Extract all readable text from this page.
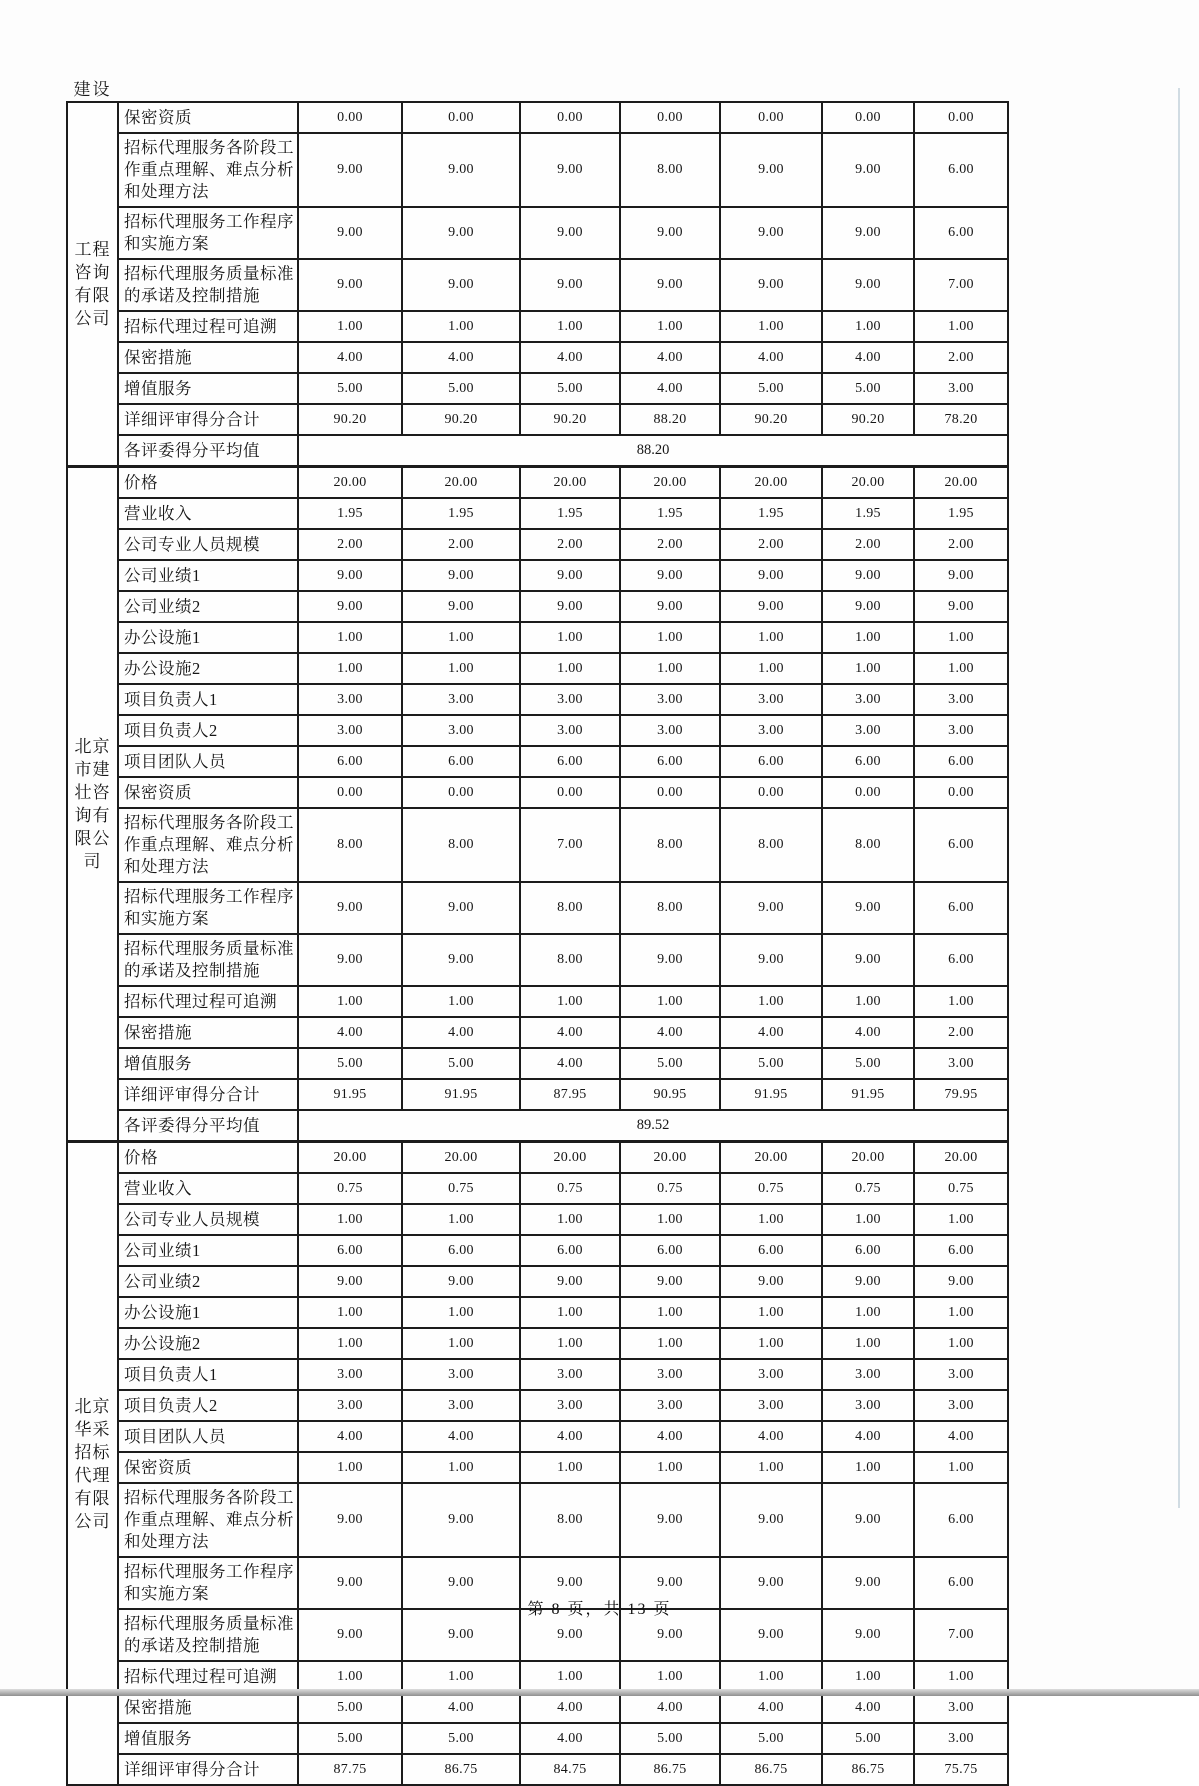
工程咨询有限公司
建设	保密资质	0.00	0.00	0.00	0.00	0.00	0.00	0.00
	招标代理服务各阶段工作重点理解、难点分析和处理方法	9.00	9.00	9.00	8.00	9.00	9.00	6.00
	招标代理服务工作程序和实施方案	9.00	9.00	9.00	9.00	9.00	9.00	6.00
	招标代理服务质量标准的承诺及控制措施	9.00	9.00	9.00	9.00	9.00	9.00	7.00
	招标代理过程可追溯	1.00	1.00	1.00	1.00	1.00	1.00	1.00
	保密措施	4.00	4.00	4.00	4.00	4.00	4.00	2.00
	增值服务	5.00	5.00	5.00	4.00	5.00	5.00	3.00
	详细评审得分合计	90.20	90.20	90.20	88.20	90.20	90.20	78.20
	各评委得分平均值	88.20						
北京市建壮咨询有限公司	价格	20.00	20.00	20.00	20.00	20.00	20.00	20.00
	营业收入	1.95	1.95	1.95	1.95	1.95	1.95	1.95
	公司专业人员规模	2.00	2.00	2.00	2.00	2.00	2.00	2.00
	公司业绩1	9.00	9.00	9.00	9.00	9.00	9.00	9.00
	公司业绩2	9.00	9.00	9.00	9.00	9.00	9.00	9.00
	办公设施1	1.00	1.00	1.00	1.00	1.00	1.00	1.00
	办公设施2	1.00	1.00	1.00	1.00	1.00	1.00	1.00
	项目负责人1	3.00	3.00	3.00	3.00	3.00	3.00	3.00
	项目负责人2	3.00	3.00	3.00	3.00	3.00	3.00	3.00
	项目团队人员	6.00	6.00	6.00	6.00	6.00	6.00	6.00
	保密资质	0.00	0.00	0.00	0.00	0.00	0.00	0.00
	招标代理服务各阶段工作重点理解、难点分析和处理方法	8.00	8.00	7.00	8.00	8.00	8.00	6.00
	招标代理服务工作程序和实施方案	9.00	9.00	8.00	8.00	9.00	9.00	6.00
	招标代理服务质量标准的承诺及控制措施	9.00	9.00	8.00	9.00	9.00	9.00	6.00
	招标代理过程可追溯	1.00	1.00	1.00	1.00	1.00	1.00	1.00
	保密措施	4.00	4.00	4.00	4.00	4.00	4.00	2.00
	增值服务	5.00	5.00	4.00	5.00	5.00	5.00	3.00
	详细评审得分合计	91.95	91.95	87.95	90.95	91.95	91.95	79.95
	各评委得分平均值	89.52						
北京华采招标代理有限公司	价格	20.00	20.00	20.00	20.00	20.00	20.00	20.00
	营业收入	0.75	0.75	0.75	0.75	0.75	0.75	0.75
	公司专业人员规模	1.00	1.00	1.00	1.00	1.00	1.00	1.00
	公司业绩1	6.00	6.00	6.00	6.00	6.00	6.00	6.00
	公司业绩2	9.00	9.00	9.00	9.00	9.00	9.00	9.00
	办公设施1	1.00	1.00	1.00	1.00	1.00	1.00	1.00
	办公设施2	1.00	1.00	1.00	1.00	1.00	1.00	1.00
	项目负责人1	3.00	3.00	3.00	3.00	3.00	3.00	3.00
	项目负责人2	3.00	3.00	3.00	3.00	3.00	3.00	3.00
	项目团队人员	4.00	4.00	4.00	4.00	4.00	4.00	4.00
	保密资质	1.00	1.00	1.00	1.00	1.00	1.00	1.00
	招标代理服务各阶段工作重点理解、难点分析和处理方法	9.00	9.00	8.00	9.00	9.00	9.00	6.00
	招标代理服务工作程序和实施方案	9.00	9.00	9.00	9.00	9.00	9.00	6.00
	招标代理服务质量标准的承诺及控制措施	9.00	9.00	9.00	9.00	9.00	9.00	7.00
	招标代理过程可追溯	1.00	1.00	1.00	1.00	1.00	1.00	1.00
	保密措施	5.00	4.00	4.00	4.00	4.00	4.00	3.00
	增值服务	5.00	5.00	4.00	5.00	5.00	5.00	3.00
	详细评审得分合计	87.75	86.75	84.75	86.75	86.75	86.75	75.75
第 8 页，共 13 页
